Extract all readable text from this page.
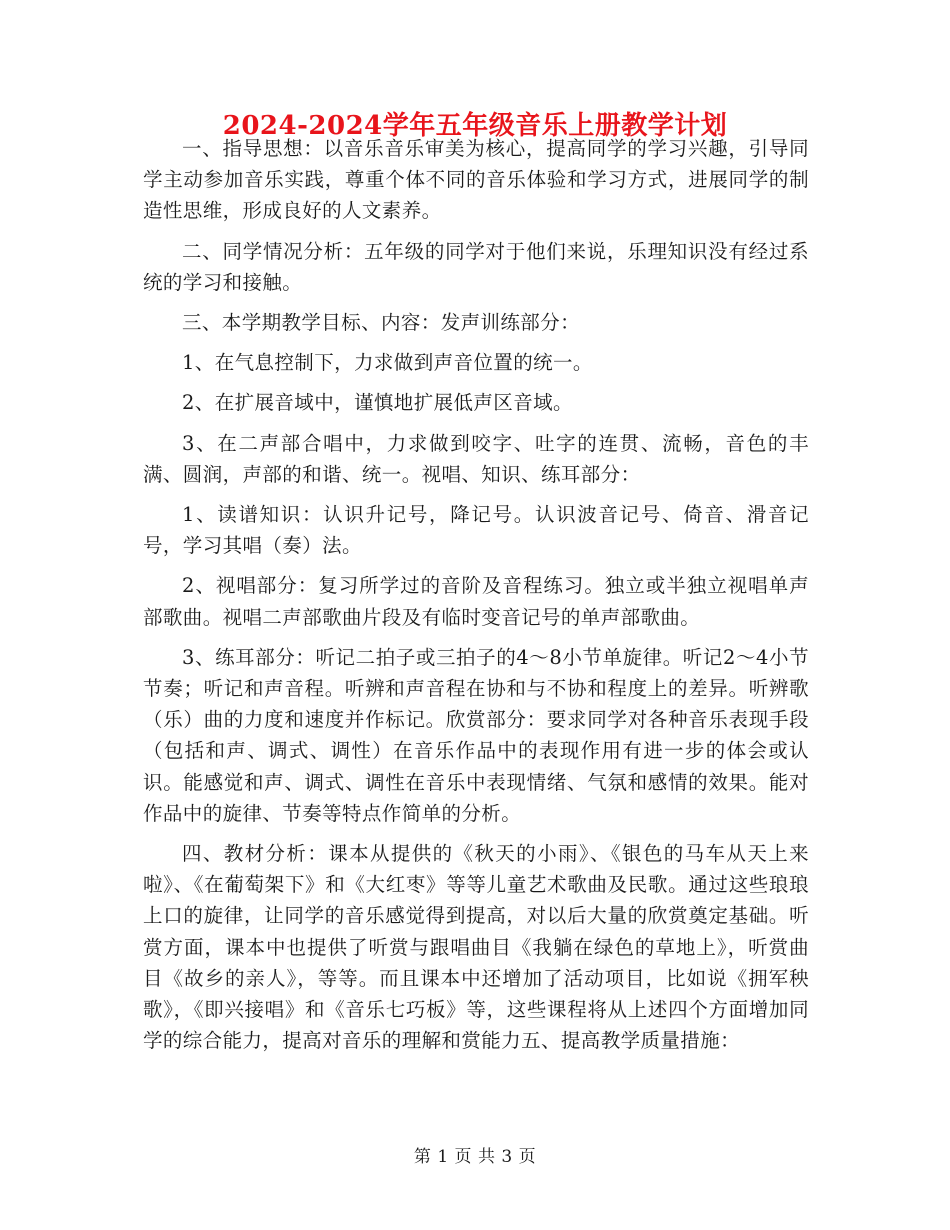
2024-2024学年五年级音乐上册教学计划

一、指导思想：以音乐音乐审美为核心，提高同学的学习兴趣，引导同学主动参加音乐实践，尊重个体不同的音乐体验和学习方式，进展同学的制造性思维，形成良好的人文素养。

二、同学情况分析：五年级的同学对于他们来说，乐理知识没有经过系统的学习和接触。

三、本学期教学目标、内容：发声训练部分：

1、在气息控制下，力求做到声音位置的统一。

2、在扩展音域中，谨慎地扩展低声区音域。

3、在二声部合唱中，力求做到咬字、吐字的连贯、流畅，音色的丰满、圆润，声部的和谐、统一。视唱、知识、练耳部分：

1、读谱知识：认识升记号，降记号。认识波音记号、倚音、滑音记号，学习其唱（奏）法。

2、视唱部分：复习所学过的音阶及音程练习。独立或半独立视唱单声部歌曲。视唱二声部歌曲片段及有临时变音记号的单声部歌曲。

3、练耳部分：听记二拍子或三拍子的4～8小节单旋律。听记2～4小节节奏；听记和声音程。听辨和声音程在协和与不协和程度上的差异。听辨歌（乐）曲的力度和速度并作标记。欣赏部分：要求同学对各种音乐表现手段（包括和声、调式、调性）在音乐作品中的表现作用有进一步的体会或认识。能感觉和声、调式、调性在音乐中表现情绪、气氛和感情的效果。能对作品中的旋律、节奏等特点作简单的分析。

四、教材分析：课本从提供的《秋天的小雨》、《银色的马车从天上来啦》、《在葡萄架下》和《大红枣》等等儿童艺术歌曲及民歌。通过这些琅琅上口的旋律，让同学的音乐感觉得到提高，对以后大量的欣赏奠定基础。听赏方面，课本中也提供了听赏与跟唱曲目《我躺在绿色的草地上》，听赏曲目《故乡的亲人》，等等。而且课本中还增加了活动项目，比如说《拥军秧歌》，《即兴接唱》和《音乐七巧板》等，这些课程将从上述四个方面增加同学的综合能力，提高对音乐的理解和赏能力五、提高教学质量措施：

第 1 页 共 3 页
